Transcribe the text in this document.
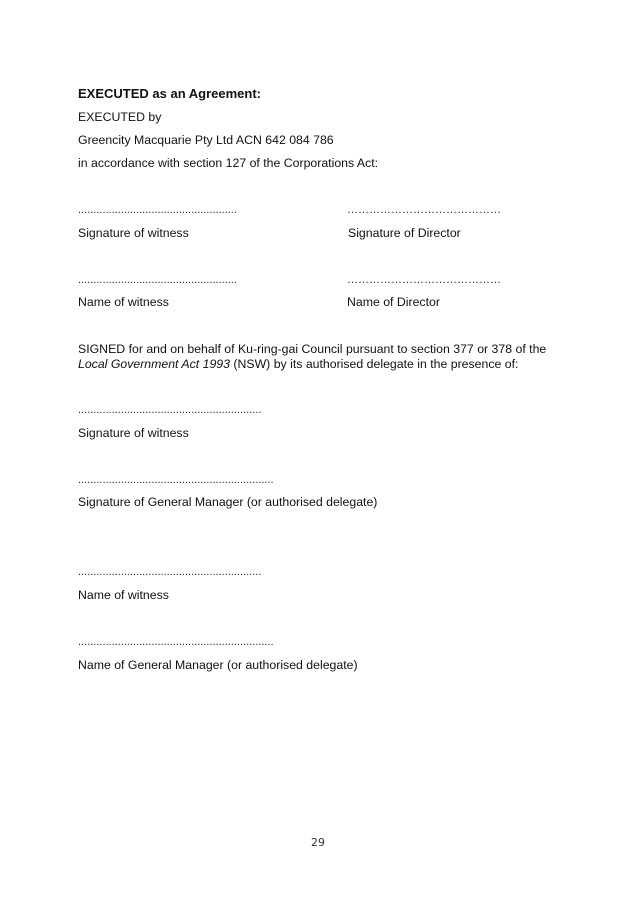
EXECUTED as an Agreement:
EXECUTED by
Greencity Macquarie Pty Ltd ACN 642 084 786
in accordance with section 127 of the Corporations Act:
....................................................	……………………………………
Signature of witness	Signature of Director
....................................................	……………………………………
Name of witness	Name of Director
SIGNED for and on behalf of Ku-ring-gai Council pursuant to section 377 or 378 of the Local Government Act 1993 (NSW) by its authorised delegate in the presence of:
............................................................
Signature of witness
................................................................
Signature of General Manager (or authorised delegate)
............................................................
Name of witness
................................................................
Name of General Manager (or authorised delegate)
29
